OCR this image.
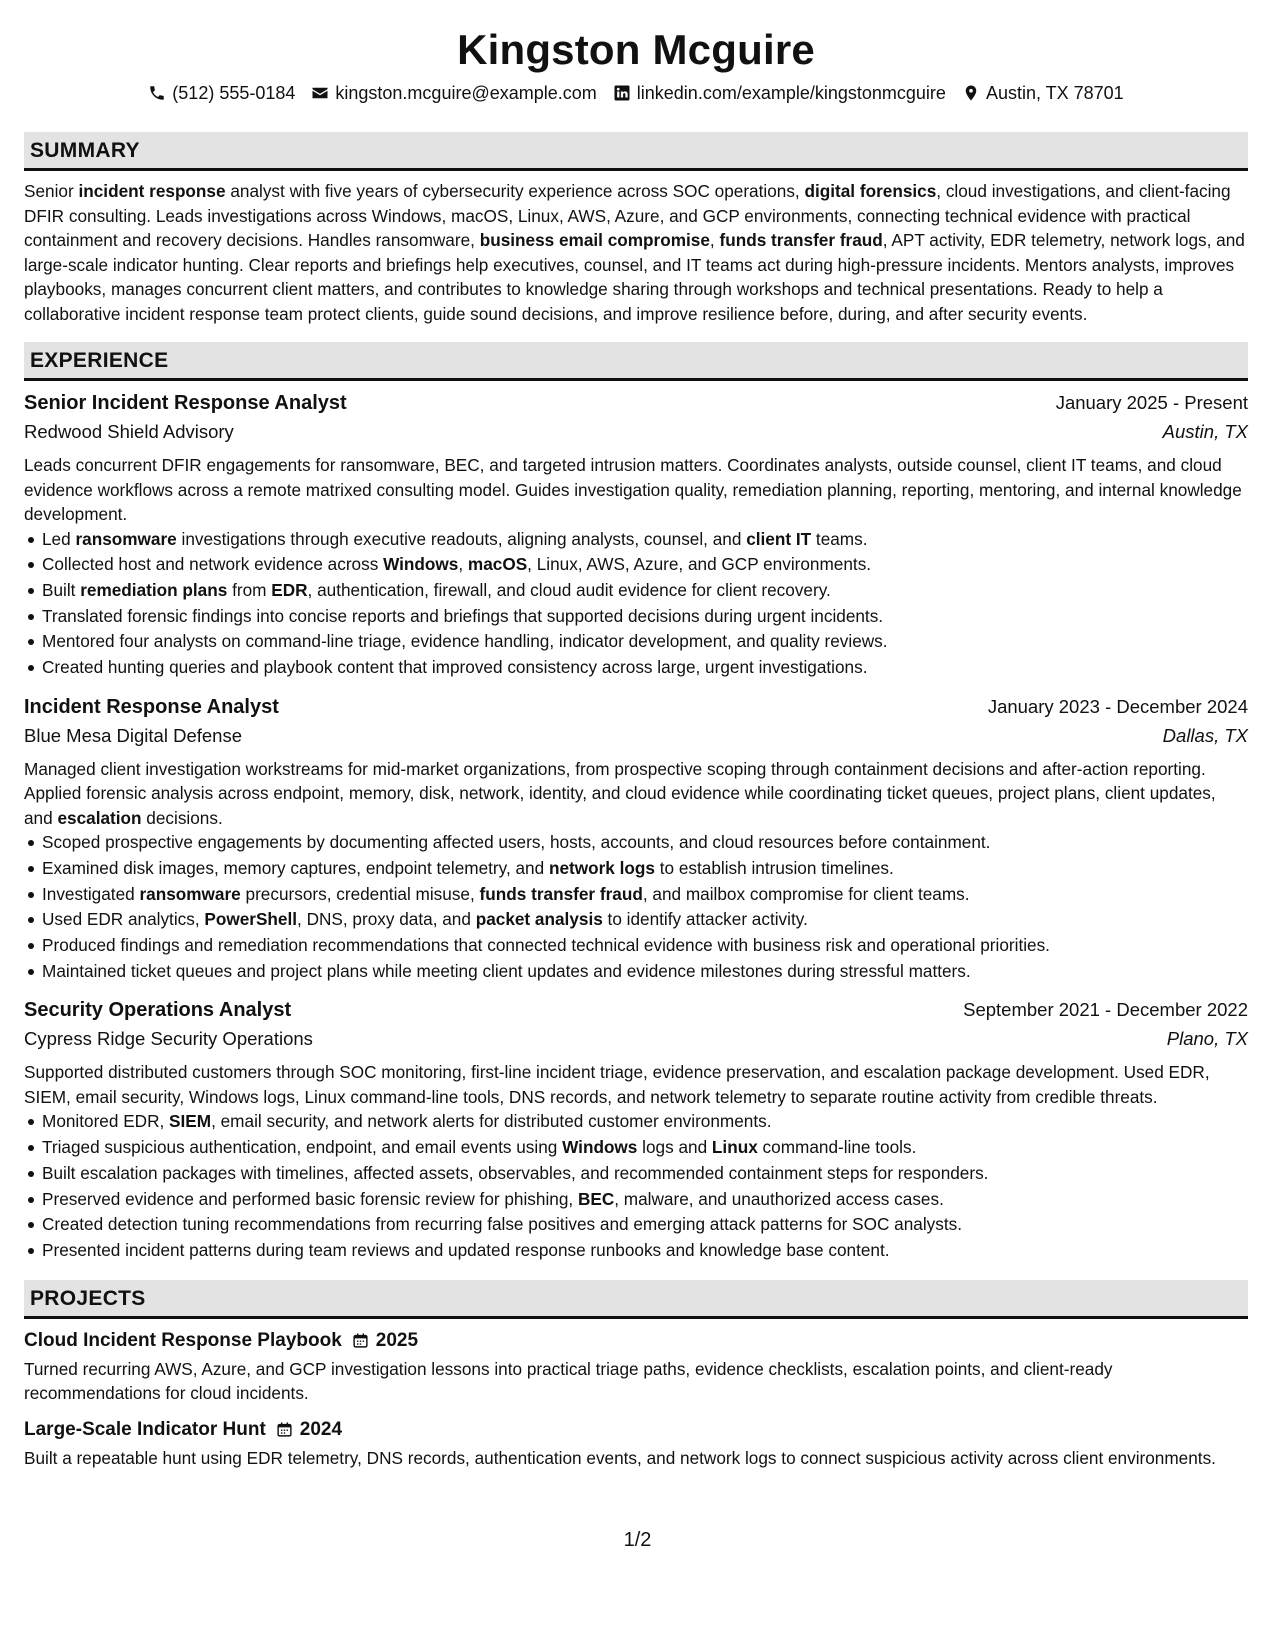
Kingston Mcguire
(512) 555-0184 kingston.mcguire@example.com linkedin.com/example/kingstonmcguire Austin, TX 78701
SUMMARY

Senior incident response analyst with five years of cybersecurity experience across SOC operations, digital forensics, cloud investigations, and client-facing DFIR consulting. Leads investigations across Windows, macOS, Linux, AWS, Azure, and GCP environments, connecting technical evidence with practical containment and recovery decisions. Handles ransomware, business email compromise, funds transfer fraud, APT activity, EDR telemetry, network logs, and large-scale indicator hunting. Clear reports and briefings help executives, counsel, and IT teams act during high-pressure incidents. Mentors analysts, improves playbooks, manages concurrent client matters, and contributes to knowledge sharing through workshops and technical presentations. Ready to help a collaborative incident response team protect clients, guide sound decisions, and improve resilience before, during, and after security events.

EXPERIENCE
Senior Incident Response Analyst	January 2025 - Present
Redwood Shield Advisory	Austin, TX

Leads concurrent DFIR engagements for ransomware, BEC, and targeted intrusion matters. Coordinates analysts, outside counsel, client IT teams, and cloud evidence workflows across a remote matrixed consulting model. Guides investigation quality, remediation planning, reporting, mentoring, and internal knowledge development.

Led ransomware investigations through executive readouts, aligning analysts, counsel, and client IT teams.
Collected host and network evidence across Windows, macOS, Linux, AWS, Azure, and GCP environments.
Built remediation plans from EDR, authentication, firewall, and cloud audit evidence for client recovery.
Translated forensic findings into concise reports and briefings that supported decisions during urgent incidents.
Mentored four analysts on command-line triage, evidence handling, indicator development, and quality reviews.
Created hunting queries and playbook content that improved consistency across large, urgent investigations.
Incident Response Analyst	January 2023 - December 2024
Blue Mesa Digital Defense	Dallas, TX

Managed client investigation workstreams for mid-market organizations, from prospective scoping through containment decisions and after-action reporting. Applied forensic analysis across endpoint, memory, disk, network, identity, and cloud evidence while coordinating ticket queues, project plans, client updates, and escalation decisions.

Scoped prospective engagements by documenting affected users, hosts, accounts, and cloud resources before containment.
Examined disk images, memory captures, endpoint telemetry, and network logs to establish intrusion timelines.
Investigated ransomware precursors, credential misuse, funds transfer fraud, and mailbox compromise for client teams.
Used EDR analytics, PowerShell, DNS, proxy data, and packet analysis to identify attacker activity.
Produced findings and remediation recommendations that connected technical evidence with business risk and operational priorities.
Maintained ticket queues and project plans while meeting client updates and evidence milestones during stressful matters.
Security Operations Analyst	September 2021 - December 2022
Cypress Ridge Security Operations	Plano, TX

Supported distributed customers through SOC monitoring, first-line incident triage, evidence preservation, and escalation package development. Used EDR, SIEM, email security, Windows logs, Linux command-line tools, DNS records, and network telemetry to separate routine activity from credible threats.

Monitored EDR, SIEM, email security, and network alerts for distributed customer environments.
Triaged suspicious authentication, endpoint, and email events using Windows logs and Linux command-line tools.
Built escalation packages with timelines, affected assets, observables, and recommended containment steps for responders.
Preserved evidence and performed basic forensic review for phishing, BEC, malware, and unauthorized access cases.
Created detection tuning recommendations from recurring false positives and emerging attack patterns for SOC analysts.
Presented incident patterns during team reviews and updated response runbooks and knowledge base content.
PROJECTS
Cloud Incident Response Playbook 2025

Turned recurring AWS, Azure, and GCP investigation lessons into practical triage paths, evidence checklists, escalation points, and client-ready recommendations for cloud incidents.

Large-Scale Indicator Hunt 2024

Built a repeatable hunt using EDR telemetry, DNS records, authentication events, and network logs to connect suspicious activity across client environments.

1/2
